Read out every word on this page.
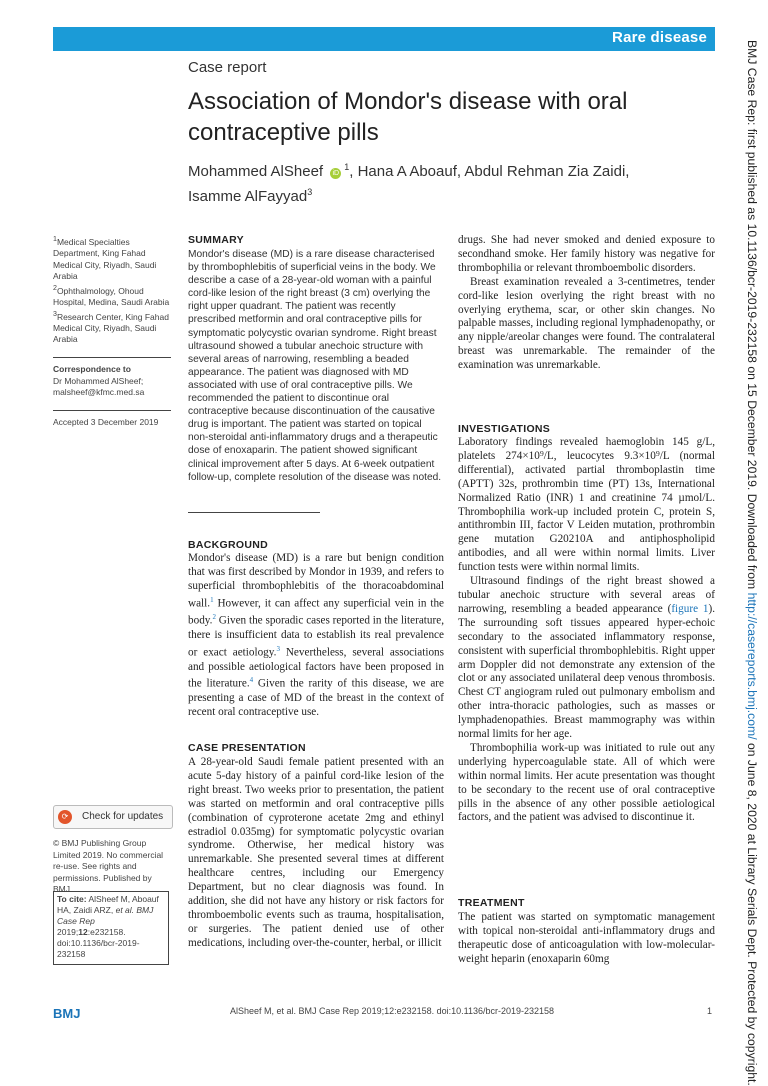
Rare disease
Case report
Association of Mondor's disease with oral contraceptive pills
Mohammed AlSheef $iD^1$, Hana A Aboauf, Abdul Rehman Zia Zaidi,
Isamme AlFayyad$^3$

$^1$Medical Specialties Department, King Fahad Medical City, Riyadh, Saudi Arabia

$^2$Ophthalmology, Ohoud Hospital, Medina, Saudi Arabia

$^3$Research Center, King Fahad Medical City, Riyadh, Saudi Arabia

Correspondence to

Dr Mohammed AlSheef; malsheef@kfmc.med.sa

Accepted 3 December 2019
⟳	Check for updates
© BMJ Publishing Group Limited 2019. No commercial re-use. See rights and permissions. Published by BMJ.
To cite: AlSheef M, Aboauf HA, Zaidi ARZ, et al. BMJ Case Rep
2019;12:e232158. doi:10.1136/bcr-2019-232158
SUMMARY
Mondor's disease (MD) is a rare disease characterised by thrombophlebitis of superficial veins in the body. We describe a case of a 28-year-old woman with a painful cord-like lesion of the right breast (3 cm) overlying the right upper quadrant. The patient was recently prescribed metformin and oral contraceptive pills for symptomatic polycystic ovarian syndrome. Right breast ultrasound showed a tubular anechoic structure with several areas of narrowing, resembling a beaded appearance. The patient was diagnosed with MD associated with use of oral contraceptive pills. We recommended the patient to discontinue oral contraceptive because discontinuation of the causative drug is important. The patient was started on topical non-steroidal anti-inflammatory drugs and a therapeutic dose of enoxaparin. The patient showed significant clinical improvement after 5 days. At 6-week outpatient follow-up, complete resolution of the disease was noted.
BACKGROUND

Mondor's disease (MD) is a rare but benign condition that was first described by Mondor in 1939, and refers to superficial thrombophlebitis of the thoracoabdominal wall.$^1$ However, it can affect any superficial vein in the body.$^2$ Given the sporadic cases reported in the literature, there is insufficient data to establish its real prevalence or exact aetiology.$^3$ Nevertheless, several associations and possible aetiological factors have been proposed in the literature.$^4$ Given the rarity of this disease, we are presenting a case of MD of the breast in the context of recent oral contraceptive use.

CASE PRESENTATION

A 28-year-old Saudi female patient presented with an acute 5-day history of a painful cord-like lesion of the right breast. Two weeks prior to presentation, the patient was started on metformin and oral contraceptive pills (combination of cyproterone acetate 2mg and ethinyl estradiol 0.035mg) for symptomatic polycystic ovarian syndrome. Otherwise, her medical history was unremarkable. She presented several times at different healthcare centres, including our Emergency Department, but no clear diagnosis was found. In addition, she did not have any history or risk factors for thromboembolic events such as trauma, hospitalisation, or surgeries. The patient denied use of other medications, including over-the-counter, herbal, or illicit

drugs. She had never smoked and denied exposure to secondhand smoke. Her family history was negative for thrombophilia or relevant thromboembolic disorders.

Breast examination revealed a 3-centimetres, tender cord-like lesion overlying the right breast with no overlying erythema, scar, or other skin changes. No palpable masses, including regional lymphadenopathy, or any nipple/areolar changes were found. The contralateral breast was unremarkable. The remainder of the examination was unremarkable.

INVESTIGATIONS

Laboratory findings revealed haemoglobin 145 g/L, platelets 274×10⁹/L, leucocytes 9.3×10⁹/L (normal differential), activated partial thromboplastin time (APTT) 32s, prothrombin time (PT) 13s, International Normalized Ratio (INR) 1 and creatinine 74 µmol/L. Thrombophilia work-up included protein C, protein S, antithrombin III, factor V Leiden mutation, prothrombin gene mutation G20210A and antiphospholipid antibodies, and all were within normal limits. Liver function tests were within normal limits.

Ultrasound findings of the right breast showed a tubular anechoic structure with several areas of narrowing, resembling a beaded appearance (figure 1). The surrounding soft tissues appeared hyper-echoic secondary to the associated inflammatory response, consistent with superficial thrombophlebitis. Right upper arm Doppler did not demonstrate any extension of the clot or any associated unilateral deep venous thrombosis. Chest CT angiogram ruled out pulmonary embolism and other intra-thoracic pathologies, such as masses or lymphadenopathies. Breast mammography was within normal limits for her age.

Thrombophilia work-up was initiated to rule out any underlying hypercoagulable state. All of which were within normal limits. Her acute presentation was thought to be secondary to the recent use of oral contraceptive pills in the absence of any other possible aetiological factors, and the patient was advised to discontinue it.

TREATMENT

The patient was started on symptomatic management with topical non-steroidal anti-inflammatory drugs and therapeutic dose of anticoagulation with low-molecular-weight heparin (enoxaparin 60mg

BMJ	AlSheef M, et al. BMJ Case Rep 2019;12:e232158. doi:10.1136/bcr-2019-232158	1
BMJ Case Rep: first published as 10.1136/bcr-2019-232158 on 15 December 2019. Downloaded from http://casereports.bmj.com/ on June 8, 2020 at Library Serials Dept. Protected by copyright.
